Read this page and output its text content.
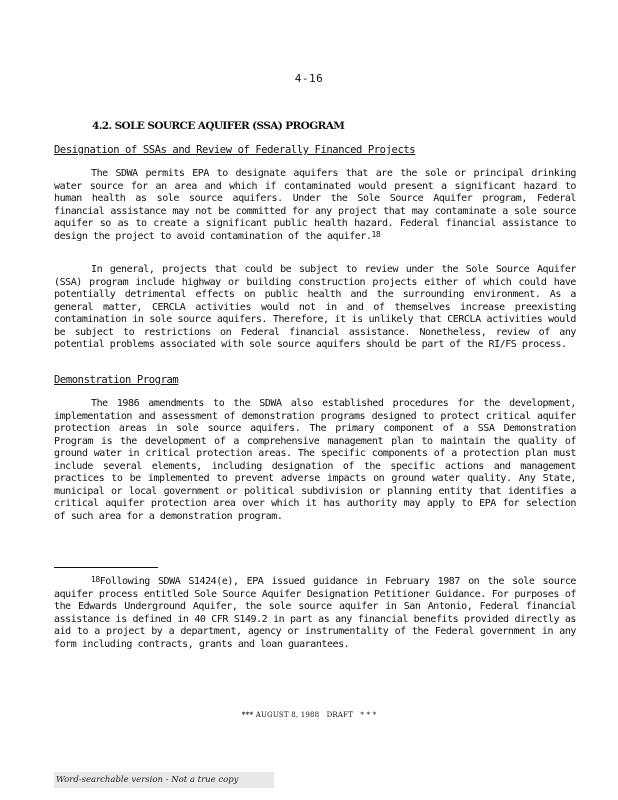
4-16
4.2. SOLE SOURCE AQUIFER (SSA) PROGRAM
Designation of SSAs and Review of Federally Financed Projects

The SDWA permits EPA to designate aquifers that are the sole or principal drinking water source for an area and which if contaminated would present a significant hazard to human health as sole source aquifers. Under the Sole Source Aquifer program, Federal financial assistance may not be committed for any project that may contaminate a sole source aquifer so as to create a significant public health hazard. Federal financial assistance to design the project to avoid contamination of the aquifer.$^{18}$

In general, projects that could be subject to review under the Sole Source Aquifer (SSA) program include highway or building construction projects either of which could have potentially detrimental effects on public health and the surrounding environment. As a general matter, CERCLA activities would not in and of themselves increase preexisting contamination in sole source aquifers. Therefore, it is unlikely that CERCLA activities would be subject to restrictions on Federal financial assistance. Nonetheless, review of any potential problems associated with sole source aquifers should be part of the RI/FS process.

Demonstration Program

The 1986 amendments to the SDWA also established procedures for the development, implementation and assessment of demonstration programs designed to protect critical aquifer protection areas in sole source aquifers. The primary component of a SSA Demonstration Program is the development of a comprehensive management plan to maintain the quality of ground water in critical protection areas. The specific components of a protection plan must include several elements, including designation of the specific actions and management practices to be implemented to prevent adverse impacts on ground water quality. Any State, municipal or local government or political subdivision or planning entity that identifies a critical aquifer protection area over which it has authority may apply to EPA for selection of such area for a demonstration program.

$^{18}$Following SDWA S1424(e), EPA issued guidance in February 1987 on the sole source aquifer process entitled Sole Source Aquifer Designation Petitioner Guidance. For purposes of the Edwards Underground Aquifer, the sole source aquifer in San Antonio, Federal financial assistance is defined in 40 CFR S149.2 in part as any financial benefits provided directly as aid to a project by a department, agency or instrumentality of the Federal government in any form including contracts, grants and loan guarantees.

*** AUGUST 8, 1988 DRAFT * * *
Word-searchable version - Not a true copy
